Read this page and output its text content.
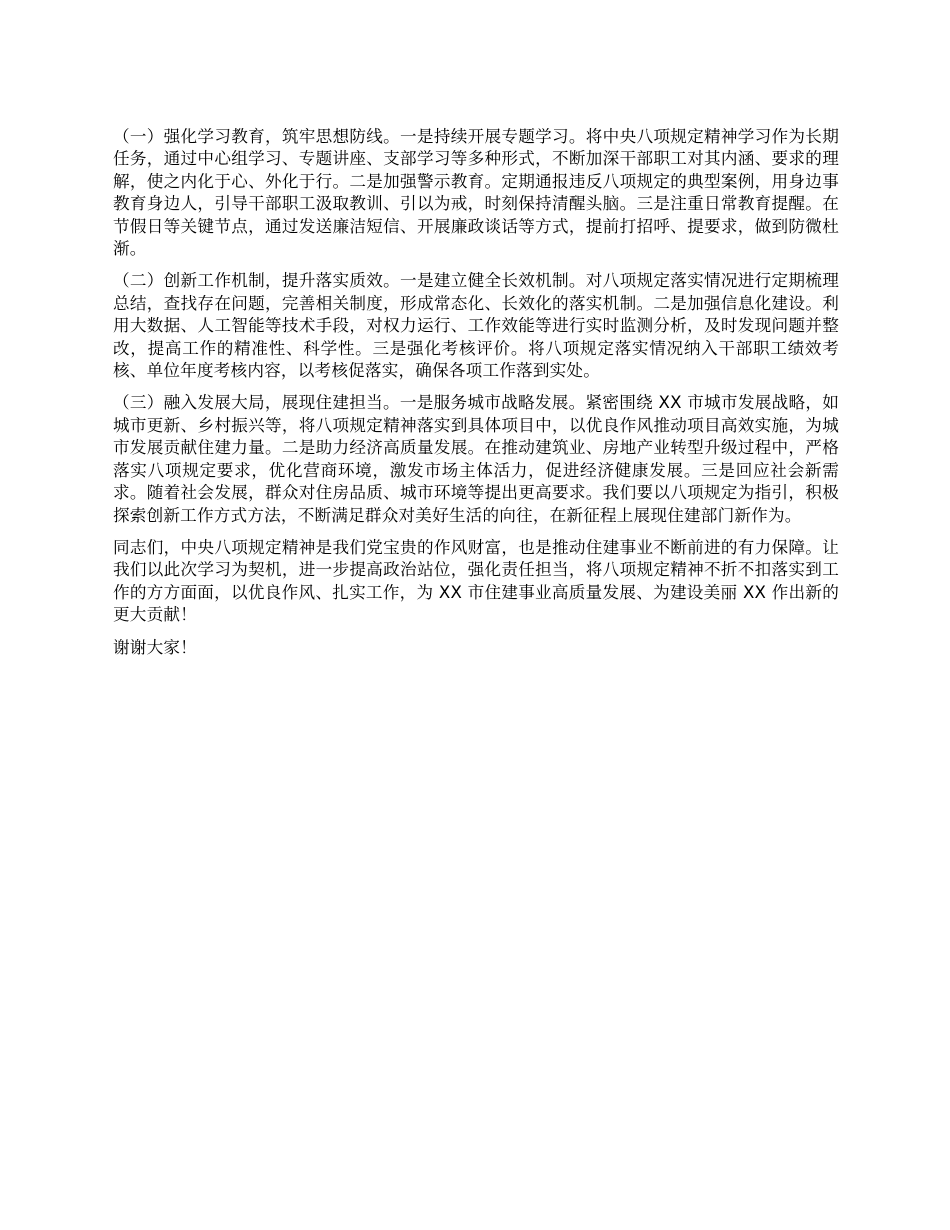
（一）强化学习教育，筑牢思想防线。一是持续开展专题学习。将中央八项规定精神学习作为长期任务，通过中心组学习、专题讲座、支部学习等多种形式，不断加深干部职工对其内涵、要求的理解，使之内化于心、外化于行。二是加强警示教育。定期通报违反八项规定的典型案例，用身边事教育身边人，引导干部职工汲取教训、引以为戒，时刻保持清醒头脑。三是注重日常教育提醒。在节假日等关键节点，通过发送廉洁短信、开展廉政谈话等方式，提前打招呼、提要求，做到防微杜渐。

（二）创新工作机制，提升落实质效。一是建立健全长效机制。对八项规定落实情况进行定期梳理总结，查找存在问题，完善相关制度，形成常态化、长效化的落实机制。二是加强信息化建设。利用大数据、人工智能等技术手段，对权力运行、工作效能等进行实时监测分析，及时发现问题并整改，提高工作的精准性、科学性。三是强化考核评价。将八项规定落实情况纳入干部职工绩效考核、单位年度考核内容，以考核促落实，确保各项工作落到实处。

（三）融入发展大局，展现住建担当。一是服务城市战略发展。紧密围绕 XX 市城市发展战略，如城市更新、乡村振兴等，将八项规定精神落实到具体项目中，以优良作风推动项目高效实施，为城市发展贡献住建力量。二是助力经济高质量发展。在推动建筑业、房地产业转型升级过程中，严格落实八项规定要求，优化营商环境，激发市场主体活力，促进经济健康发展。三是回应社会新需求。随着社会发展，群众对住房品质、城市环境等提出更高要求。我们要以八项规定为指引，积极探索创新工作方式方法，不断满足群众对美好生活的向往，在新征程上展现住建部门新作为。

同志们，中央八项规定精神是我们党宝贵的作风财富，也是推动住建事业不断前进的有力保障。让我们以此次学习为契机，进一步提高政治站位，强化责任担当，将八项规定精神不折不扣落实到工作的方方面面，以优良作风、扎实工作，为 XX 市住建事业高质量发展、为建设美丽 XX 作出新的更大贡献！

谢谢大家！
